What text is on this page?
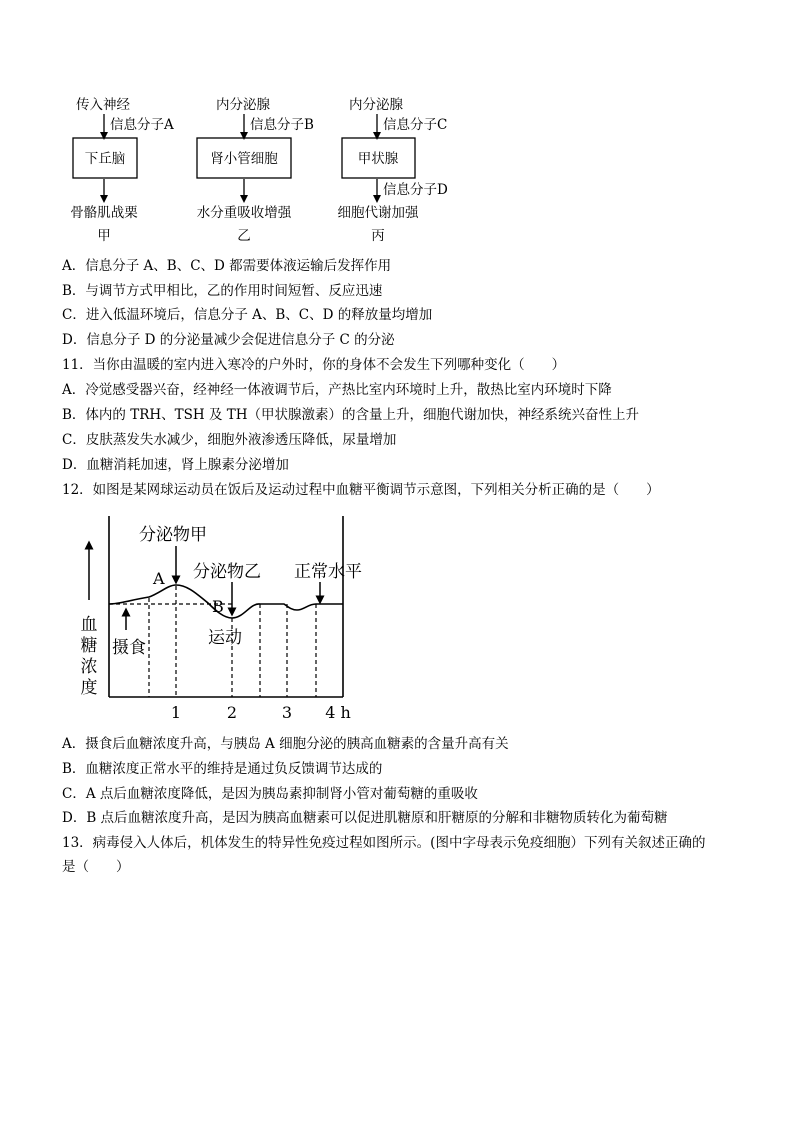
传入神经
信息分子A
下丘脑
骨骼肌战栗
甲
内分泌腺
信息分子B
肾小管细胞
水分重吸收增强
乙
内分泌腺
信息分子C
甲状腺
信息分子D
细胞代谢加强
丙
A．信息分子 A、B、C、D 都需要体液运输后发挥作用
B．与调节方式甲相比，乙的作用时间短暂、反应迅速
C．进入低温环境后，信息分子 A、B、C、D 的释放量均增加
D．信息分子 D 的分泌量减少会促进信息分子 C 的分泌
11．当你由温暖的室内进入寒冷的户外时，你的身体不会发生下列哪种变化（　　）
A．冷觉感受器兴奋，经神经一体液调节后，产热比室内环境时上升，散热比室内环境时下降
B．体内的 TRH、TSH 及 TH（甲状腺激素）的含量上升，细胞代谢加快，神经系统兴奋性上升
C．皮肤蒸发失水减少，细胞外液渗透压降低，尿量增加
D．血糖消耗加速，肾上腺素分泌增加
12．如图是某网球运动员在饭后及运动过程中血糖平衡调节示意图，下列相关分析正确的是（　　）
血
糖
浓
度
分泌物甲
A 分泌物乙
B
正常水平
摄食	运动
1	2	3 4 h
A．摄食后血糖浓度升高，与胰岛 A 细胞分泌的胰高血糖素的含量升高有关
B．血糖浓度正常水平的维持是通过负反馈调节达成的
C．A 点后血糖浓度降低，是因为胰岛素抑制肾小管对葡萄糖的重吸收
D．B 点后血糖浓度升高，是因为胰高血糖素可以促进肌糖原和肝糖原的分解和非糖物质转化为葡萄糖
13．病毒侵入人体后，机体发生的特异性免疫过程如图所示。(图中字母表示免疫细胞）下列有关叙述正确的
是（　　）
